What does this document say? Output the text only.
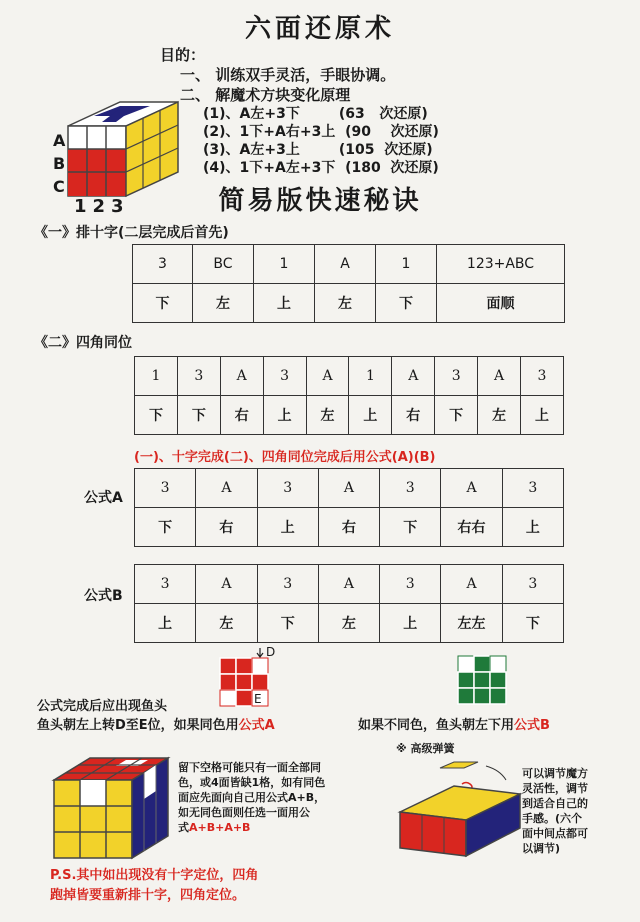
六面还原术
目的：
一、 训练双手灵活，手眼协调。
二、 解魔术方块变化原理
(1)、A左+3下        (63   次还原)
(2)、1下+A右+3上  (90    次还原)
(3)、A左+3上        (105  次还原)
(4)、1下+A左+3下  (180  次还原)
A
B
C
123	简易版快速秘诀
《一》排十字(二层完成后首先)
3	BC	1	A	1	123+ABC
下	左	上	左	下	面顺
《二》四角同位
1	3	A	3	A	1	A	3	A	3
下	下	右	上	左	上	右	下	左	上
(一)、十字完成(二)、四角同位完成后用公式(A)(B)
公式A
3	A	3	A	3	A	3
下	右	上	右	下	右右	上
公式B
3	A	3	A	3	A	3
上	左	下	左	上	左左	下
D
E
公式完成后应出现鱼头
鱼头朝左上转D至E位，如果同色用公式A	如果不同色，鱼头朝左下用公式B
※ 高级弹簧
留下空格可能只有一面全部同
色，或4面皆缺1格，如有同色
面应先面向自己用公式A+B，
如无同色面则任选一面用公
式A+B+A+B
可以调节魔方
灵活性，调节
到适合自己的
手感。(六个
面中间点都可
以调节)
P.S.其中如出现没有十字定位，四角
跑掉皆要重新排十字，四角定位。
